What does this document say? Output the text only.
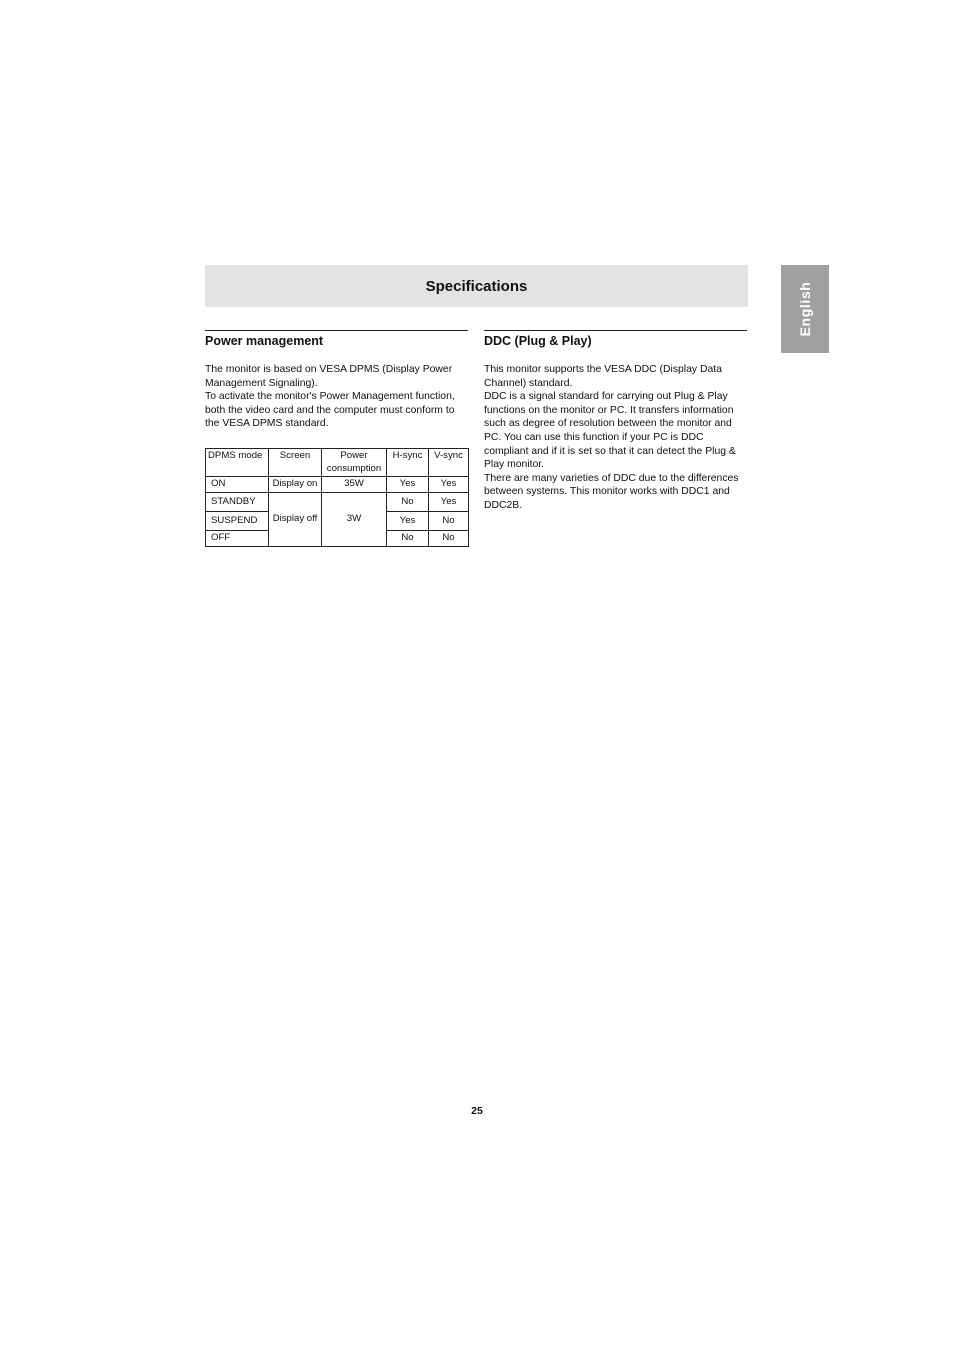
Specifications	English
Power management

The monitor is based on VESA DPMS (Display Power Management Signaling).

To activate the monitor's Power Management function, both the video card and the computer must conform to the VESA DPMS standard.

DPMS mode	Screen	Power consumption	H-sync	V-sync
ON	Display on	35W	Yes	Yes
STANDBY	Display off	3W	No	Yes
SUSPEND			Yes	No
OFF			No	No
DDC (Plug & Play)

This monitor supports the VESA DDC (Display Data Channel) standard.

DDC is a signal standard for carrying out Plug & Play functions on the monitor or PC. It transfers information such as degree of resolution between the monitor and PC. You can use this function if your PC is DDC compliant and if it is set so that it can detect the Plug & Play monitor.

There are many varieties of DDC due to the differences between systems. This monitor works with DDC1 and DDC2B.

25
